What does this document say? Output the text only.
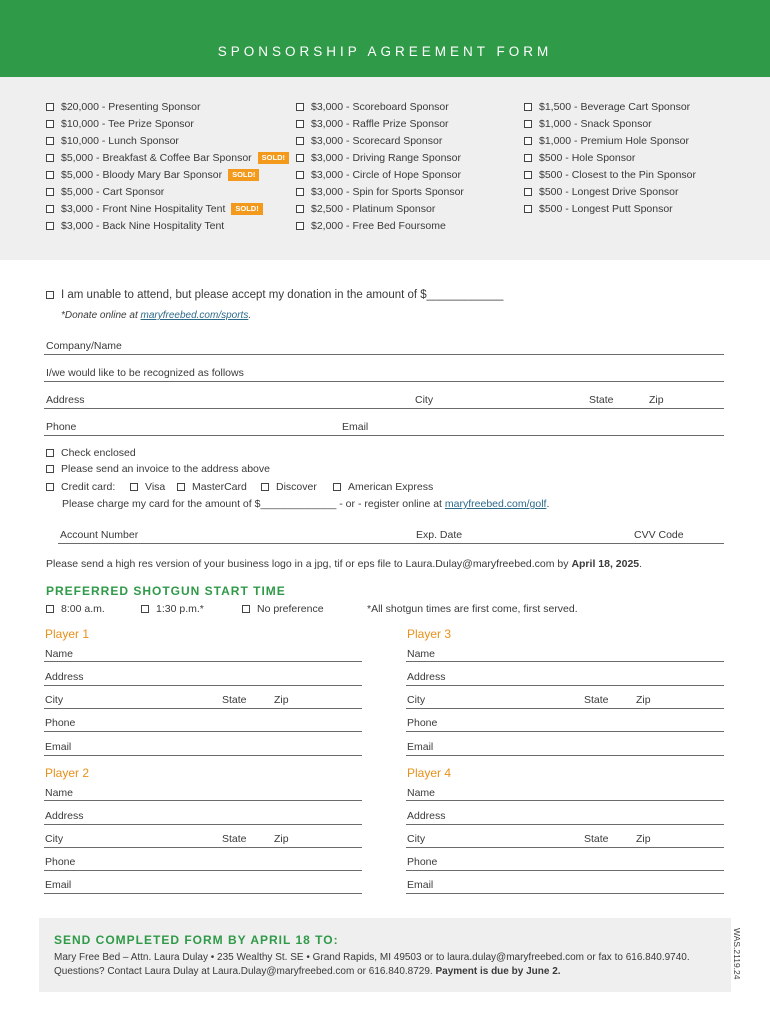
SPONSORSHIP AGREEMENT FORM
$20,000 - Presenting Sponsor
$10,000 - Tee Prize Sponsor
$10,000 - Lunch Sponsor
$5,000 - Breakfast & Coffee Bar Sponsor	SOLD!
$5,000 - Bloody Mary Bar Sponsor	SOLD!
$5,000 - Cart Sponsor
$3,000 - Front Nine Hospitality Tent	SOLD!
$3,000 - Back Nine Hospitality Tent
$3,000 - Scoreboard Sponsor
$3,000 - Raffle Prize Sponsor
$3,000 - Scorecard Sponsor
$3,000 - Driving Range Sponsor
$3,000 - Circle of Hope Sponsor
$3,000 - Spin for Sports Sponsor
$2,500 - Platinum Sponsor
$2,000 - Free Bed Foursome
$1,500 - Beverage Cart Sponsor
$1,000 - Snack Sponsor
$1,000 - Premium Hole Sponsor
$500 - Hole Sponsor
$500 - Closest to the Pin Sponsor
$500 - Longest Drive Sponsor
$500 - Longest Putt Sponsor
I am unable to attend, but please accept my donation in the amount of $____________
*Donate online at maryfreebed.com/sports.
Company/Name
I/we would like to be recognized as follows
Address	City	State	Zip
Phone	Email
Check enclosed
Please send an invoice to the address above
Credit card:	Visa	MasterCard	Discover	American Express
Please charge my card for the amount of $_____________ - or - register online at maryfreebed.com/golf.
Account Number	Exp. Date	CVV Code
Please send a high res version of your business logo in a jpg, tif or eps file to Laura.Dulay@maryfreebed.com by April 18, 2025.
PREFERRED SHOTGUN START TIME
8:00 a.m.	1:30 p.m.*	No preference	*All shotgun times are first come, first served.
Player 1
Name
Address
City	State	Zip
Phone
Email
Player 3
Name
Address
City	State	Zip
Phone
Email
Player 2
Name
Address
City	State	Zip
Phone
Email
Player 4
Name
Address
City	State	Zip
Phone
Email
SEND COMPLETED FORM BY APRIL 18 TO:
Mary Free Bed – Attn. Laura Dulay • 235 Wealthy St. SE • Grand Rapids, MI 49503 or to laura.dulay@maryfreebed.com or fax to 616.840.9740.
Questions? Contact Laura Dulay at Laura.Dulay@maryfreebed.com or 616.840.8729. Payment is due by June 2.	WAS.2119.24
